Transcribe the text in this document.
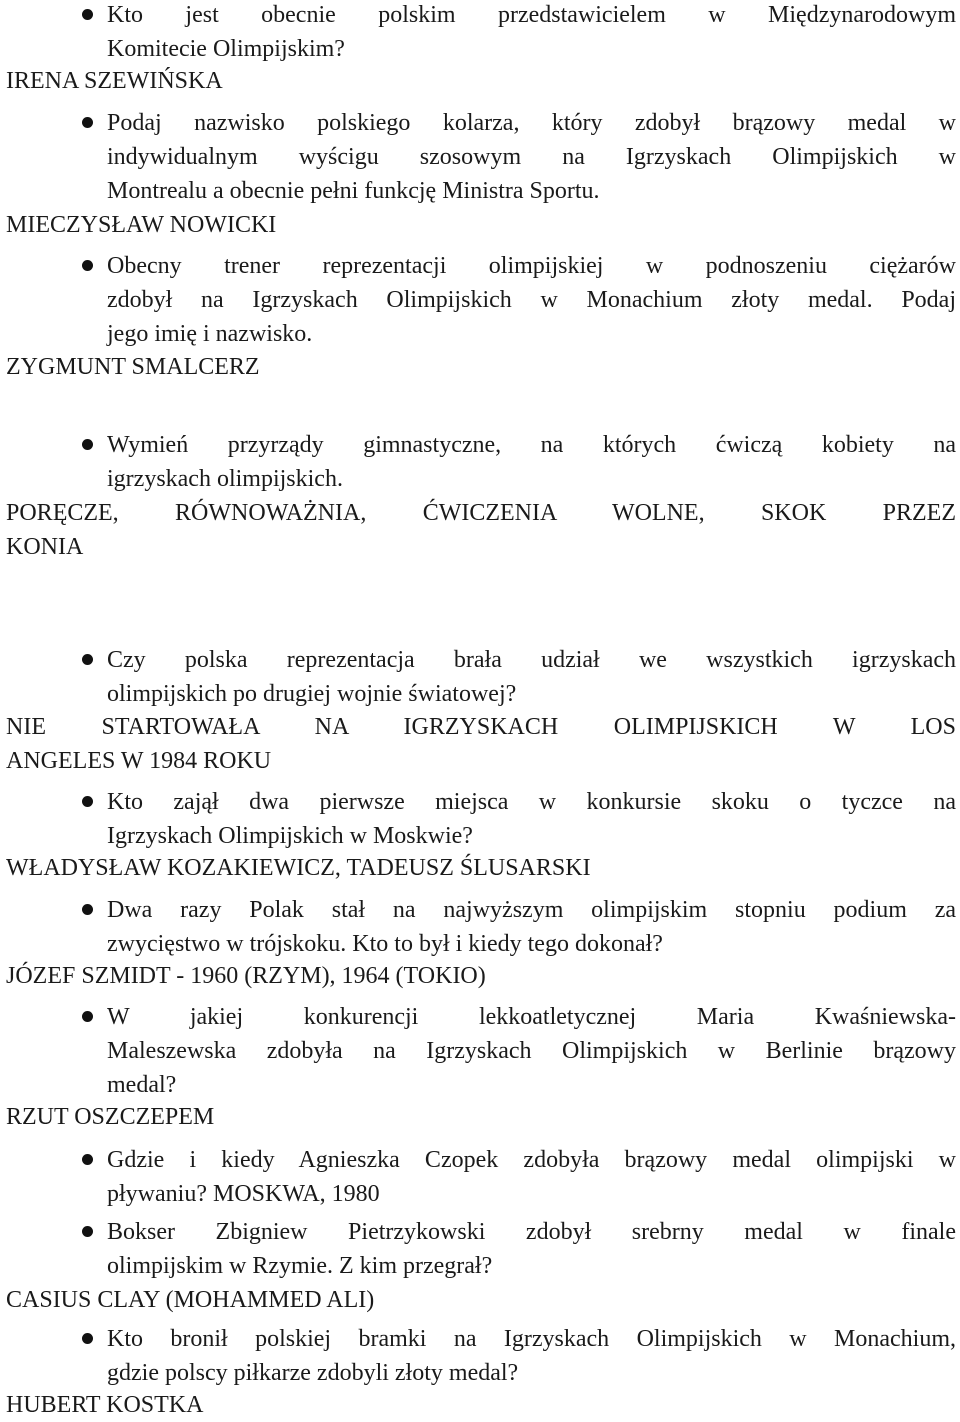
Kto jest obecnie polskim przedstawicielem w Międzynarodowym
Komitecie Olimpijskim?

IRENA SZEWIŃSKA

Podaj nazwisko polskiego kolarza, który zdobył brązowy medal w
indywidualnym wyścigu szosowym na Igrzyskach Olimpijskich w
Montrealu a obecnie pełni funkcję Ministra Sportu.

MIECZYSŁAW NOWICKI

Obecny trener reprezentacji olimpijskiej w podnoszeniu ciężarów
zdobył na Igrzyskach Olimpijskich w Monachium złoty medal. Podaj
jego imię i nazwisko.

ZYGMUNT SMALCERZ

Wymień przyrządy gimnastyczne, na których ćwiczą kobiety na
igrzyskach olimpijskich.

PORĘCZE, RÓWNOWAŻNIA, ĆWICZENIA WOLNE, SKOK PRZEZ
KONIA

Czy polska reprezentacja brała udział we wszystkich igrzyskach
olimpijskich po drugiej wojnie światowej?

NIE STARTOWAŁA NA IGRZYSKACH OLIMPIJSKICH W LOS
ANGELES W 1984 ROKU

Kto zajął dwa pierwsze miejsca w konkursie skoku o tyczce na
Igrzyskach Olimpijskich w Moskwie?

WŁADYSŁAW KOZAKIEWICZ, TADEUSZ ŚLUSARSKI

Dwa razy Polak stał na najwyższym olimpijskim stopniu podium za
zwycięstwo w trójskoku. Kto to był i kiedy tego dokonał?

JÓZEF SZMIDT - 1960 (RZYM), 1964 (TOKIO)

W jakiej konkurencji lekkoatletycznej Maria Kwaśniewska-
Maleszewska zdobyła na Igrzyskach Olimpijskich w Berlinie brązowy
medal?

RZUT OSZCZEPEM

Gdzie i kiedy Agnieszka Czopek zdobyła brązowy medal olimpijski w
pływaniu? MOSKWA, 1980

Bokser Zbigniew Pietrzykowski zdobył srebrny medal w finale
olimpijskim w Rzymie. Z kim przegrał?

CASIUS CLAY (MOHAMMED ALI)

Kto bronił polskiej bramki na Igrzyskach Olimpijskich w Monachium,
gdzie polscy piłkarze zdobyli złoty medal?

HUBERT KOSTKA
